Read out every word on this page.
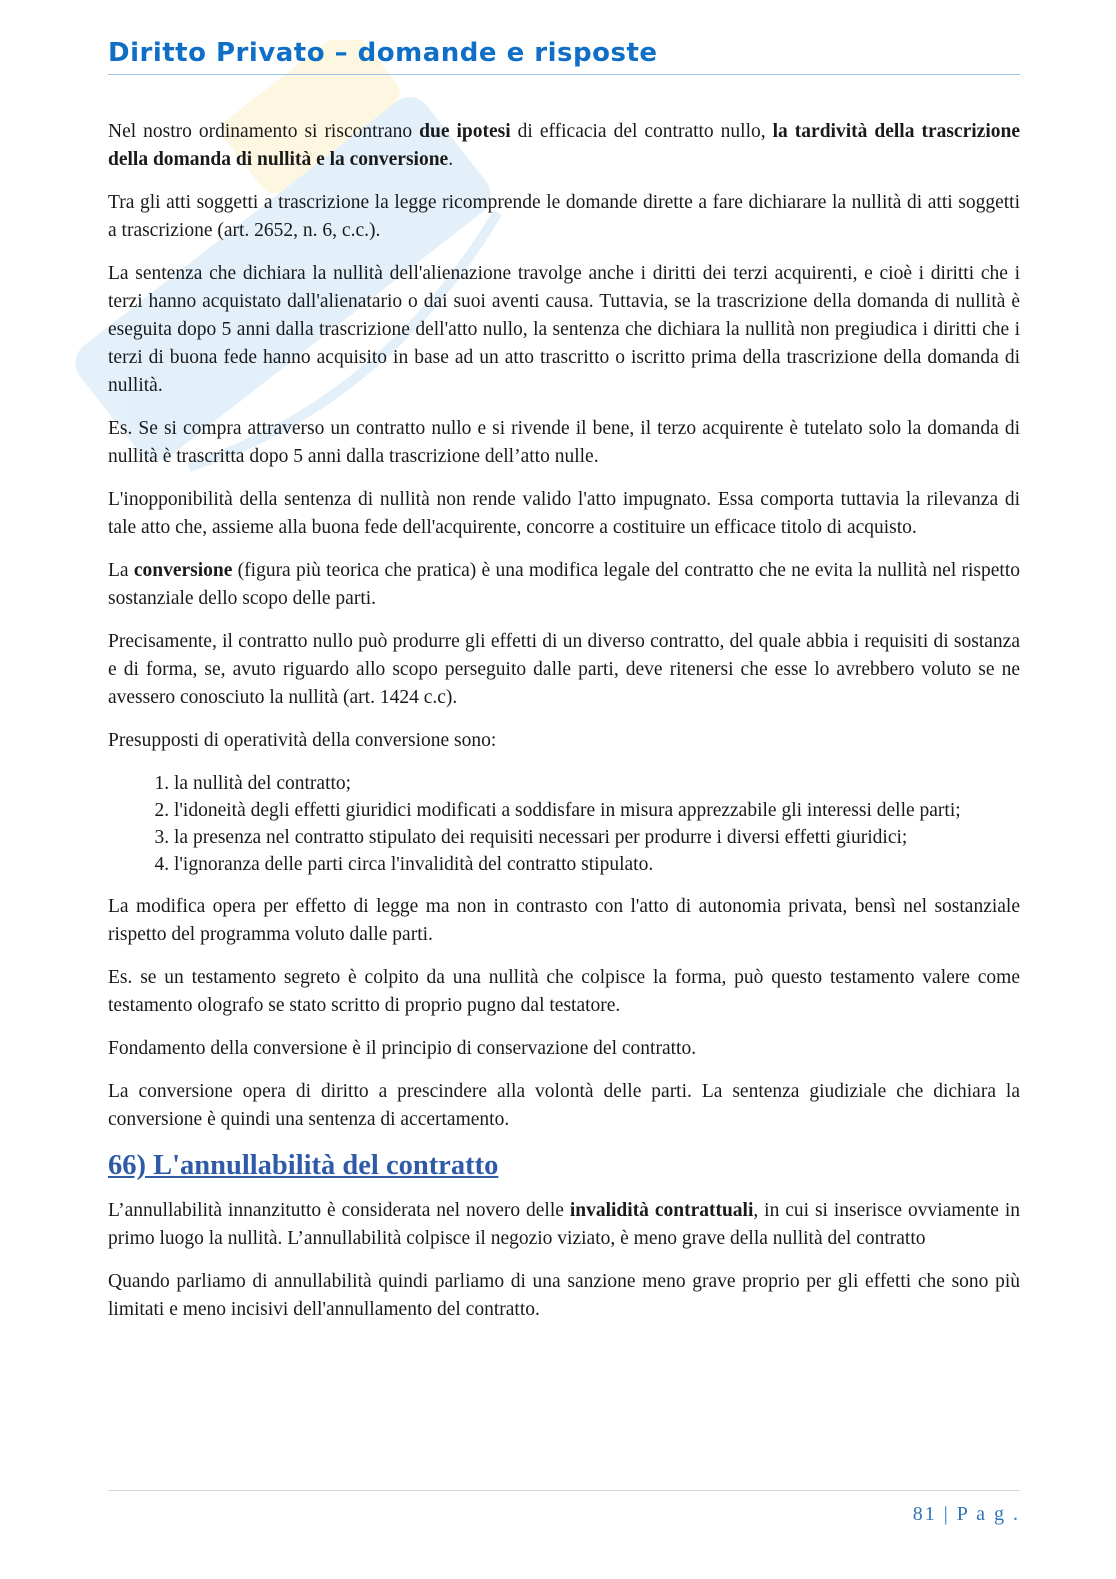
Diritto Privato – domande e risposte

Nel nostro ordinamento si riscontrano due ipotesi di efficacia del contratto nullo, la tardività della trascrizione della domanda di nullità e la conversione.

Tra gli atti soggetti a trascrizione la legge ricomprende le domande dirette a fare dichiarare la nullità di atti soggetti a trascrizione (art. 2652, n. 6, c.c.).

La sentenza che dichiara la nullità dell'alienazione travolge anche i diritti dei terzi acquirenti, e cioè i diritti che i terzi hanno acquistato dall'alienatario o dai suoi aventi causa. Tuttavia, se la trascrizione della domanda di nullità è eseguita dopo 5 anni dalla trascrizione dell'atto nullo, la sentenza che dichiara la nullità non pregiudica i diritti che i terzi di buona fede hanno acquisito in base ad un atto trascritto o iscritto prima della trascrizione della domanda di nullità.

Es. Se si compra attraverso un contratto nullo e si rivende il bene, il terzo acquirente è tutelato solo la domanda di nullità è trascritta dopo 5 anni dalla trascrizione dell’atto nulle.

L'inopponibilità della sentenza di nullità non rende valido l'atto impugnato. Essa comporta tuttavia la rilevanza di tale atto che, assieme alla buona fede dell'acquirente, concorre a costituire un efficace titolo di acquisto.

La conversione (figura più teorica che pratica) è una modifica legale del contratto che ne evita la nullità nel rispetto sostanziale dello scopo delle parti.

Precisamente, il contratto nullo può produrre gli effetti di un diverso contratto, del quale abbia i requisiti di sostanza e di forma, se, avuto riguardo allo scopo perseguito dalle parti, deve ritenersi che esse lo avrebbero voluto se ne avessero conosciuto la nullità (art. 1424 c.c).

Presupposti di operatività della conversione sono:

1. la nullità del contratto;
2. l'idoneità degli effetti giuridici modificati a soddisfare in misura apprezzabile gli interessi delle parti;
3. la presenza nel contratto stipulato dei requisiti necessari per produrre i diversi effetti giuridici;
4. l'ignoranza delle parti circa l'invalidità del contratto stipulato.

La modifica opera per effetto di legge ma non in contrasto con l'atto di autonomia privata, bensì nel sostanziale rispetto del programma voluto dalle parti.

Es. se un testamento segreto è colpito da una nullità che colpisce la forma, può questo testamento valere come testamento olografo se stato scritto di proprio pugno dal testatore.

Fondamento della conversione è il principio di conservazione del contratto.

La conversione opera di diritto a prescindere alla volontà delle parti. La sentenza giudiziale che dichiara la conversione è quindi una sentenza di accertamento.

66) L'annullabilità del contratto

L’annullabilità innanzitutto è considerata nel novero delle invalidità contrattuali, in cui si inserisce ovviamente in primo luogo la nullità. L’annullabilità colpisce il negozio viziato, è meno grave della nullità del contratto

Quando parliamo di annullabilità quindi parliamo di una sanzione meno grave proprio per gli effetti che sono più limitati e meno incisivi dell'annullamento del contratto.

81 | P a g .
